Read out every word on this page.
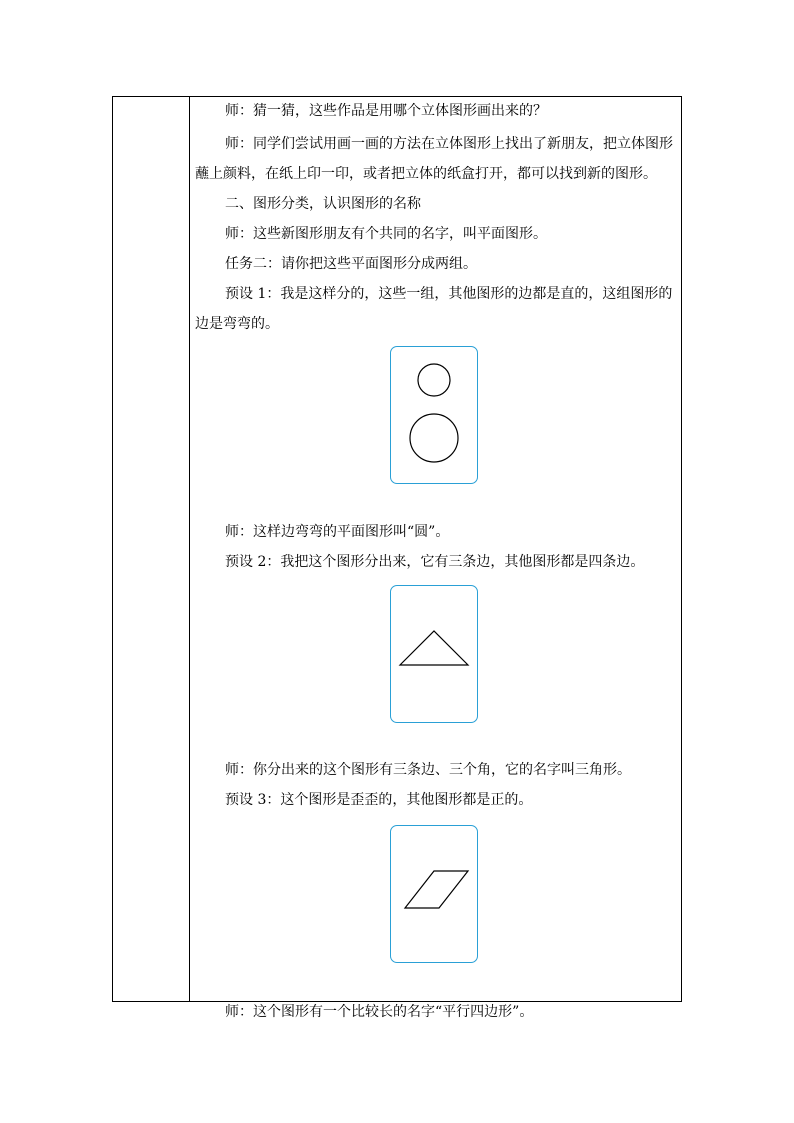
师：猜一猜，这些作品是用哪个立体图形画出来的？

师：同学们尝试用画一画的方法在立体图形上找出了新朋友，把立体图形

蘸上颜料，在纸上印一印，或者把立体的纸盒打开，都可以找到新的图形。

二、图形分类，认识图形的名称

师：这些新图形朋友有个共同的名字，叫平面图形。

任务二：请你把这些平面图形分成两组。

预设 1：我是这样分的，这些一组，其他图形的边都是直的，这组图形的

边是弯弯的。

师：这样边弯弯的平面图形叫“圆”。

预设 2：我把这个图形分出来，它有三条边，其他图形都是四条边。

师：你分出来的这个图形有三条边、三个角，它的名字叫三角形。

预设 3：这个图形是歪歪的，其他图形都是正的。

师：这个图形有一个比较长的名字“平行四边形”。
